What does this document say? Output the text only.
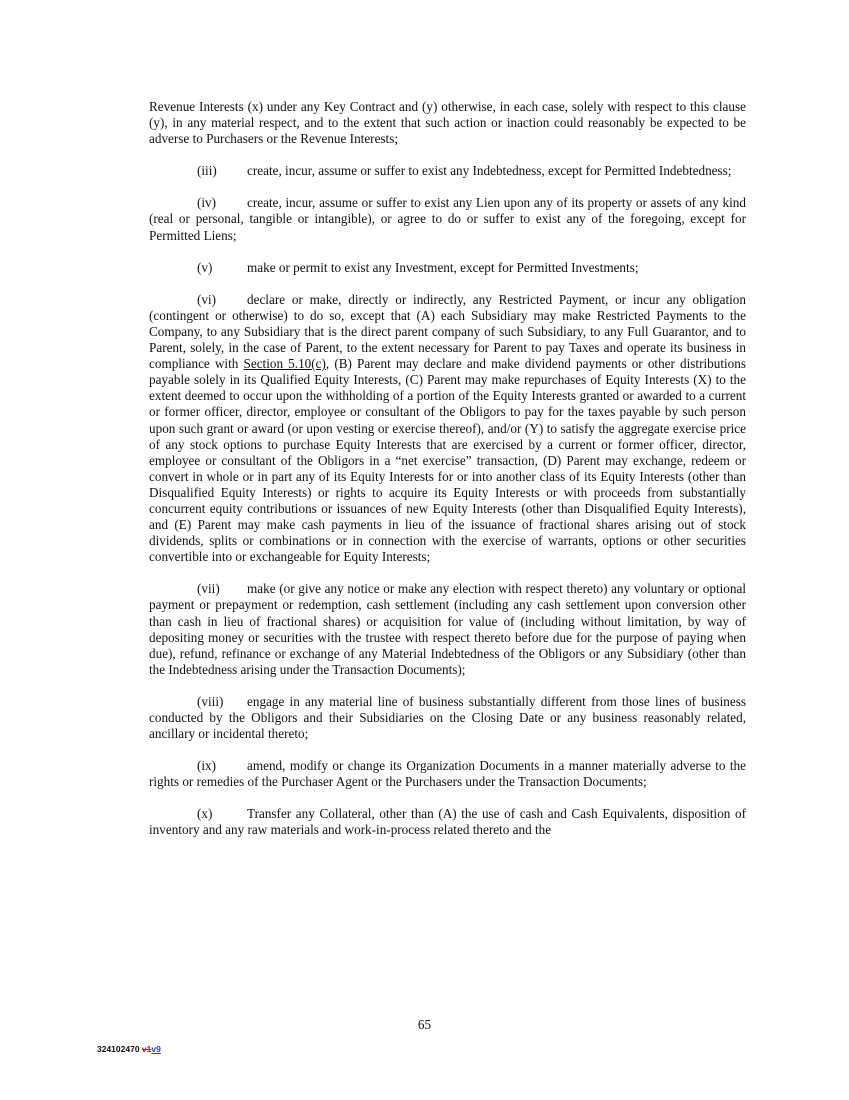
Revenue Interests (x) under any Key Contract and (y) otherwise, in each case, solely with respect to this clause (y), in any material respect, and to the extent that such action or inaction could reasonably be expected to be adverse to Purchasers or the Revenue Interests;

(iii) create, incur, assume or suffer to exist any Indebtedness, except for Permitted Indebtedness;

(iv) create, incur, assume or suffer to exist any Lien upon any of its property or assets of any kind (real or personal, tangible or intangible), or agree to do or suffer to exist any of the foregoing, except for Permitted Liens;

(v)	make or permit to exist any Investment, except for Permitted Investments;

(vi) declare or make, directly or indirectly, any Restricted Payment, or incur any obligation (contingent or otherwise) to do so, except that (A) each Subsidiary may make Restricted Payments to the Company, to any Subsidiary that is the direct parent company of such Subsidiary, to any Full Guarantor, and to Parent, solely, in the case of Parent, to the extent necessary for Parent to pay Taxes and operate its business in compliance with Section 5.10(c), (B) Parent may declare and make dividend payments or other distributions payable solely in its Qualified Equity Interests, (C) Parent may make repurchases of Equity Interests (X) to the extent deemed to occur upon the withholding of a portion of the Equity Interests granted or awarded to a current or former officer, director, employee or consultant of the Obligors to pay for the taxes payable by such person upon such grant or award (or upon vesting or exercise thereof), and/or (Y) to satisfy the aggregate exercise price of any stock options to purchase Equity Interests that are exercised by a current or former officer, director, employee or consultant of the Obligors in a “net exercise” transaction, (D) Parent may exchange, redeem or convert in whole or in part any of its Equity Interests for or into another class of its Equity Interests (other than Disqualified Equity Interests) or rights to acquire its Equity Interests or with proceeds from substantially concurrent equity contributions or issuances of new Equity Interests (other than Disqualified Equity Interests), and (E) Parent may make cash payments in lieu of the issuance of fractional shares arising out of stock dividends, splits or combinations or in connection with the exercise of warrants, options or other securities convertible into or exchangeable for Equity Interests;

(vii) make (or give any notice or make any election with respect thereto) any voluntary or optional payment or prepayment or redemption, cash settlement (including any cash settlement upon conversion other than cash in lieu of fractional shares) or acquisition for value of (including without limitation, by way of depositing money or securities with the trustee with respect thereto before due for the purpose of paying when due), refund, refinance or exchange of any Material Indebtedness of the Obligors or any Subsidiary (other than the Indebtedness arising under the Transaction Documents);

(viii) engage in any material line of business substantially different from those lines of business conducted by the Obligors and their Subsidiaries on the Closing Date or any business reasonably related, ancillary or incidental thereto;

(ix) amend, modify or change its Organization Documents in a manner materially adverse to the rights or remedies of the Purchaser Agent or the Purchasers under the Transaction Documents;

(x)	Transfer any Collateral, other than (A) the use of cash and Cash Equivalents, disposition of inventory and any raw materials and work-in-process related thereto and the

65
324102470 v1v9
